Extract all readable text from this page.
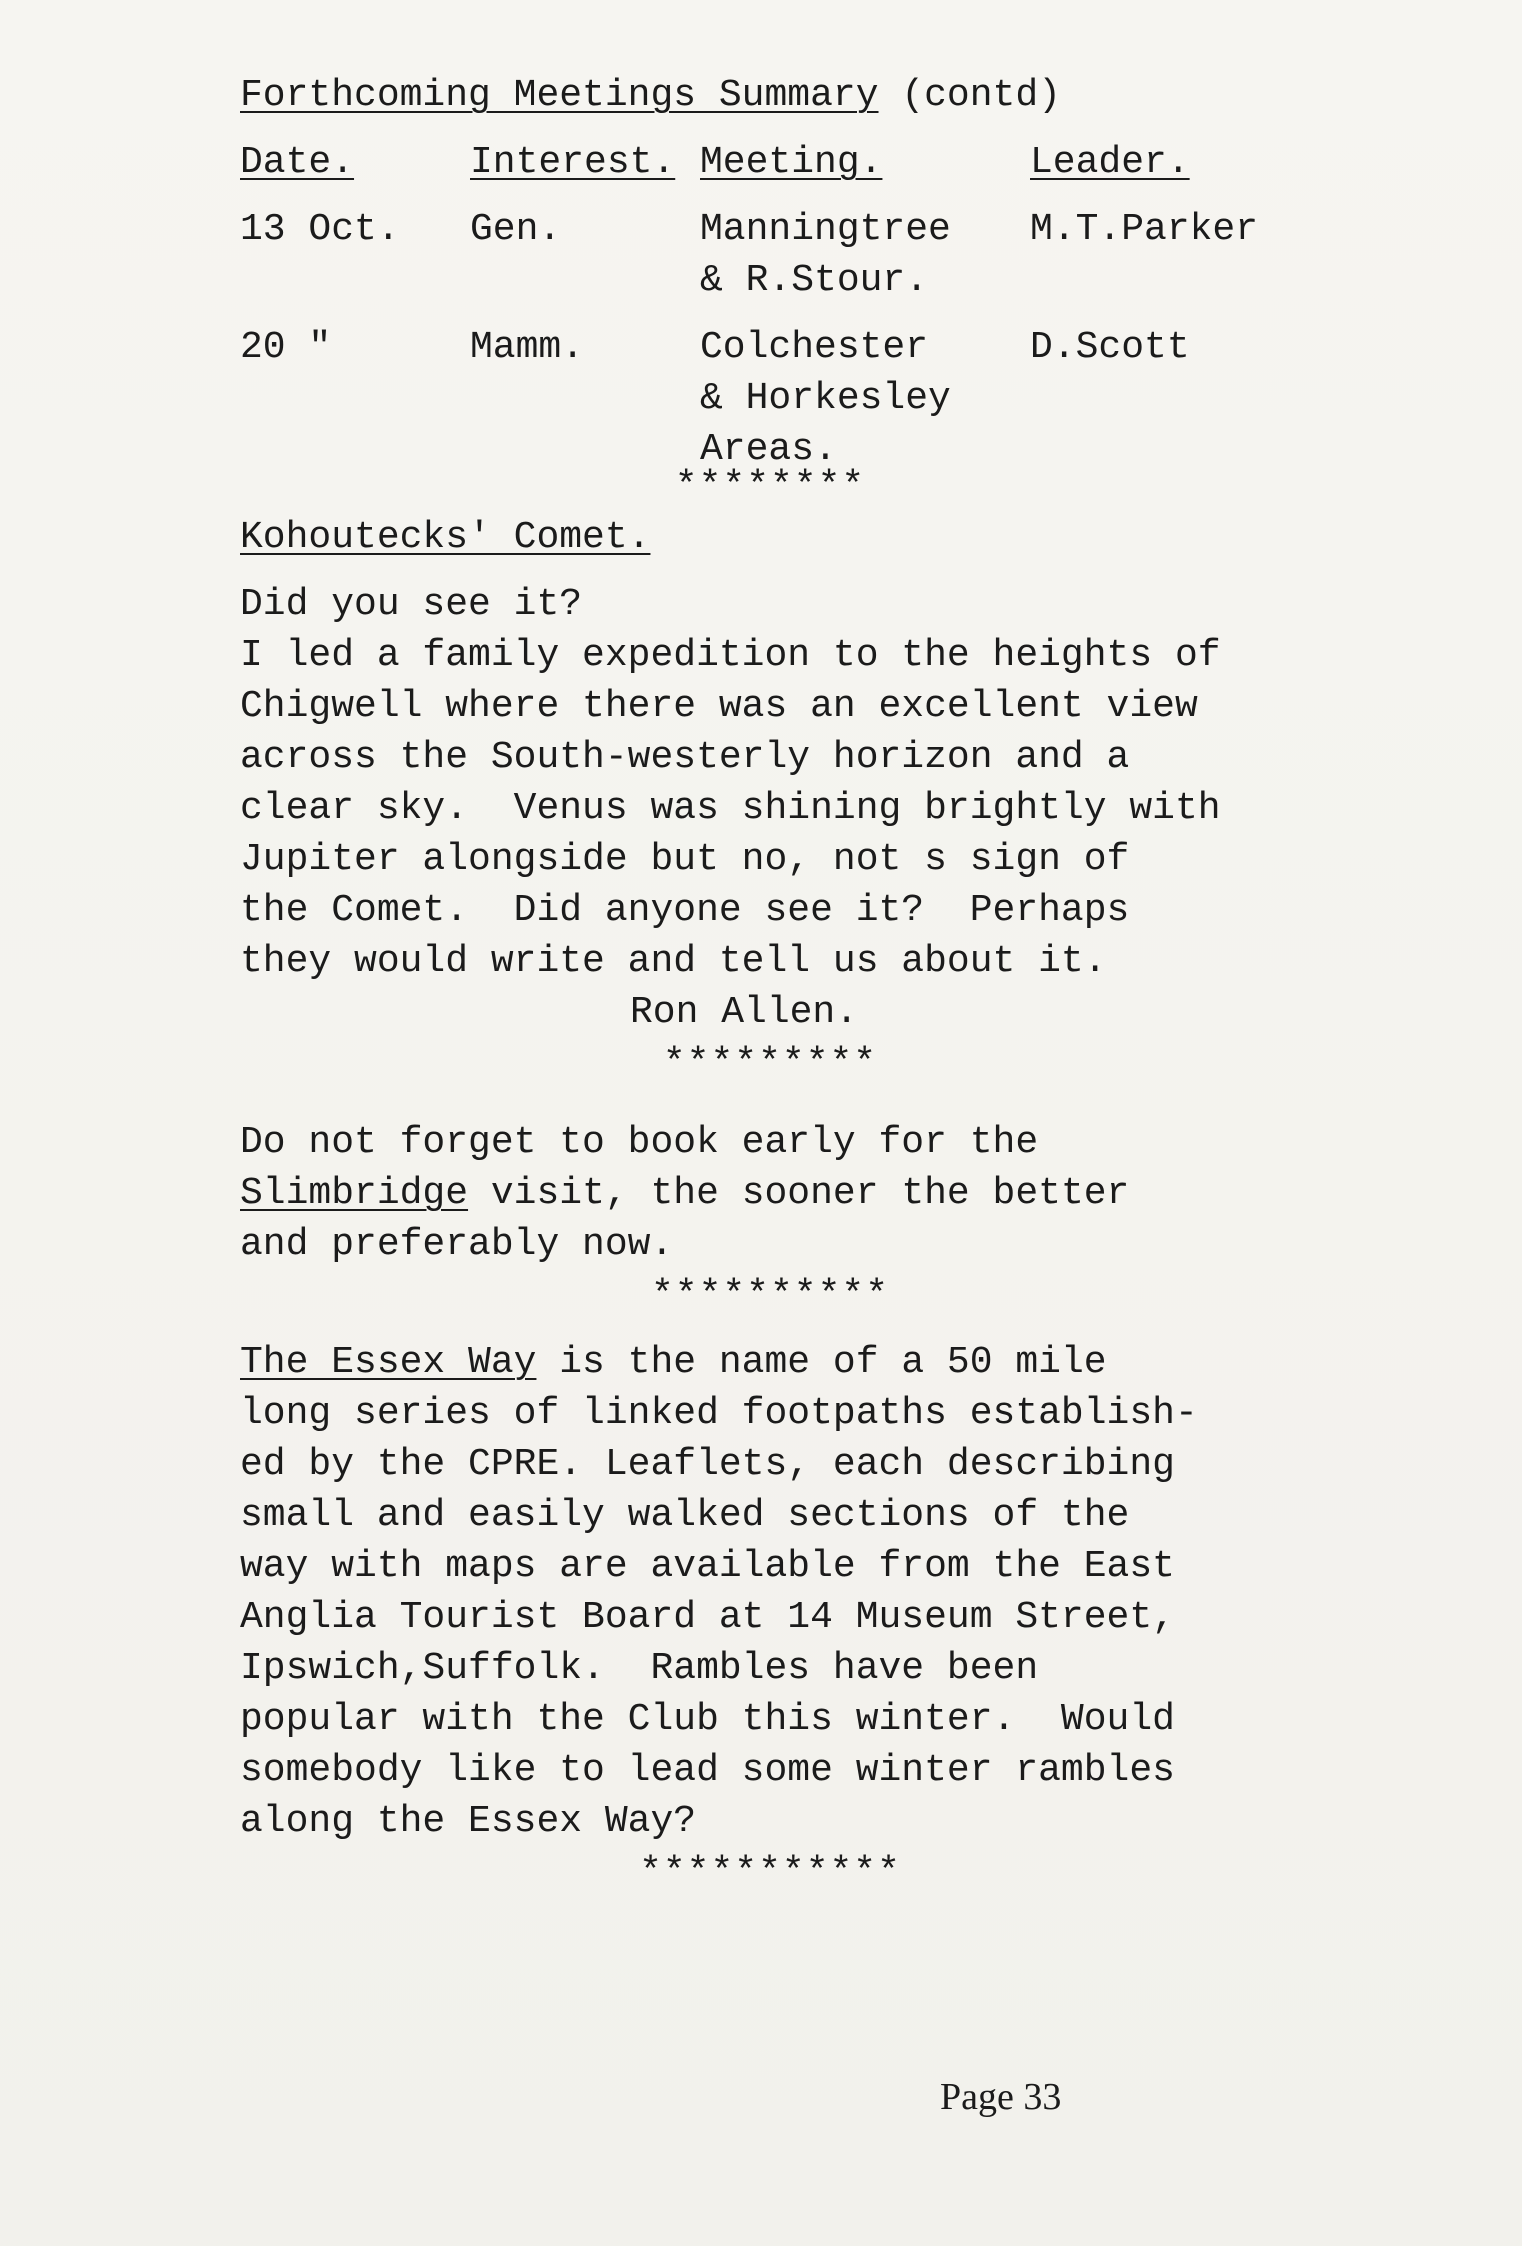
Forthcoming Meetings Summary (contd)
Date.	Interest. Meeting.	Leader.
13 Oct.	Gen.	Manningtree	M.T.Parker
& R.Stour.
20 "	Mamm.	Colchester	D.Scott
& Horkesley
Areas.
********
Kohoutecks' Comet.
Did you see it?
I led a family expedition to the heights of
Chigwell where there was an excellent view
across the South-westerly horizon and a
clear sky.  Venus was shining brightly with
Jupiter alongside but no, not s sign of
the Comet.  Did anyone see it?  Perhaps
they would write and tell us about it.
Ron Allen.
*********
Do not forget to book early for the
Slimbridge visit, the sooner the better
and preferably now.
**********
The Essex Way is the name of a 50 mile
long series of linked footpaths establish-
ed by the CPRE. Leaflets, each describing
small and easily walked sections of the
way with maps are available from the East
Anglia Tourist Board at 14 Museum Street,
Ipswich,Suffolk.  Rambles have been
popular with the Club this winter.  Would
somebody like to lead some winter rambles
along the Essex Way?
***********
Page 33
